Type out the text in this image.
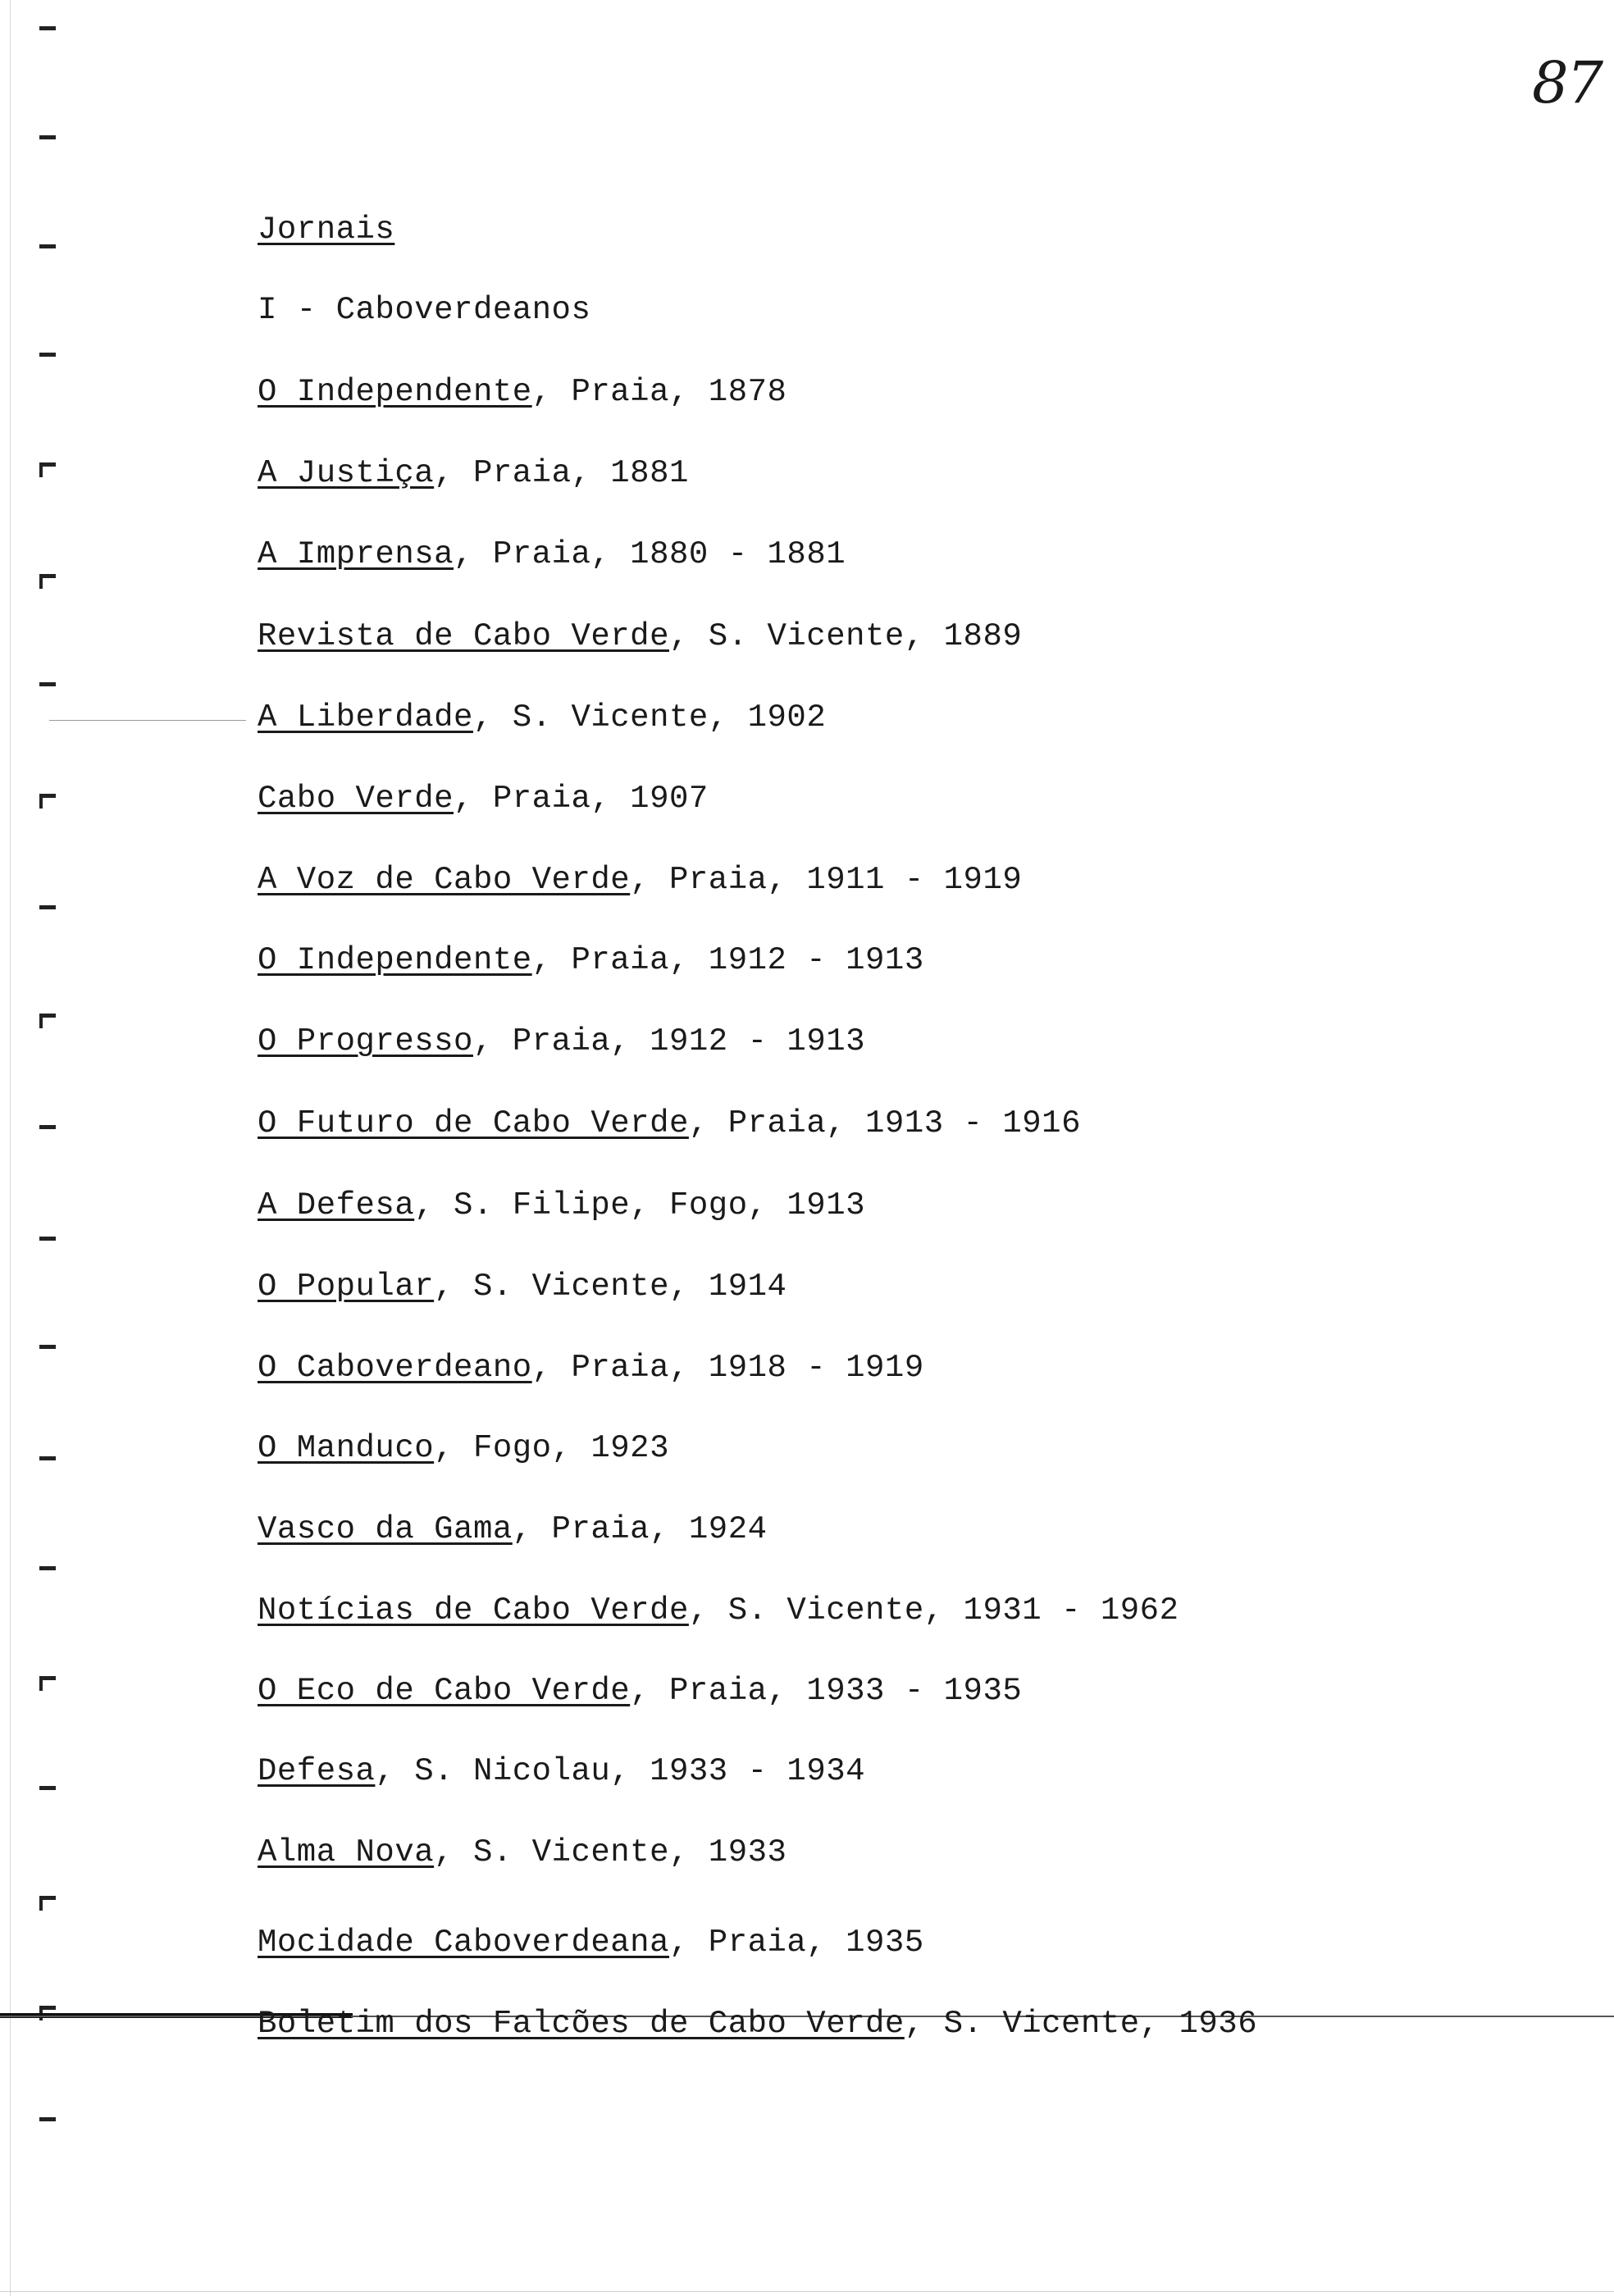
87
Jornais
I - Caboverdeanos
O Independente, Praia, 1878
A Justiça, Praia, 1881
A Imprensa, Praia, 1880 - 1881
Revista de Cabo Verde, S. Vicente, 1889
A Liberdade, S. Vicente, 1902
Cabo Verde, Praia, 1907
A Voz de Cabo Verde, Praia, 1911 - 1919
O Independente, Praia, 1912 - 1913
O Progresso, Praia, 1912 - 1913
O Futuro de Cabo Verde, Praia, 1913 - 1916
A Defesa, S. Filipe, Fogo, 1913
O Popular, S. Vicente, 1914
O Caboverdeano, Praia, 1918 - 1919
O Manduco, Fogo, 1923
Vasco da Gama, Praia, 1924
Notícias de Cabo Verde, S. Vicente, 1931 - 1962
O Eco de Cabo Verde, Praia, 1933 - 1935
Defesa, S. Nicolau, 1933 - 1934
Alma Nova, S. Vicente, 1933
Mocidade Caboverdeana, Praia, 1935
Boletim dos Falcões de Cabo Verde, S. Vicente, 1936
